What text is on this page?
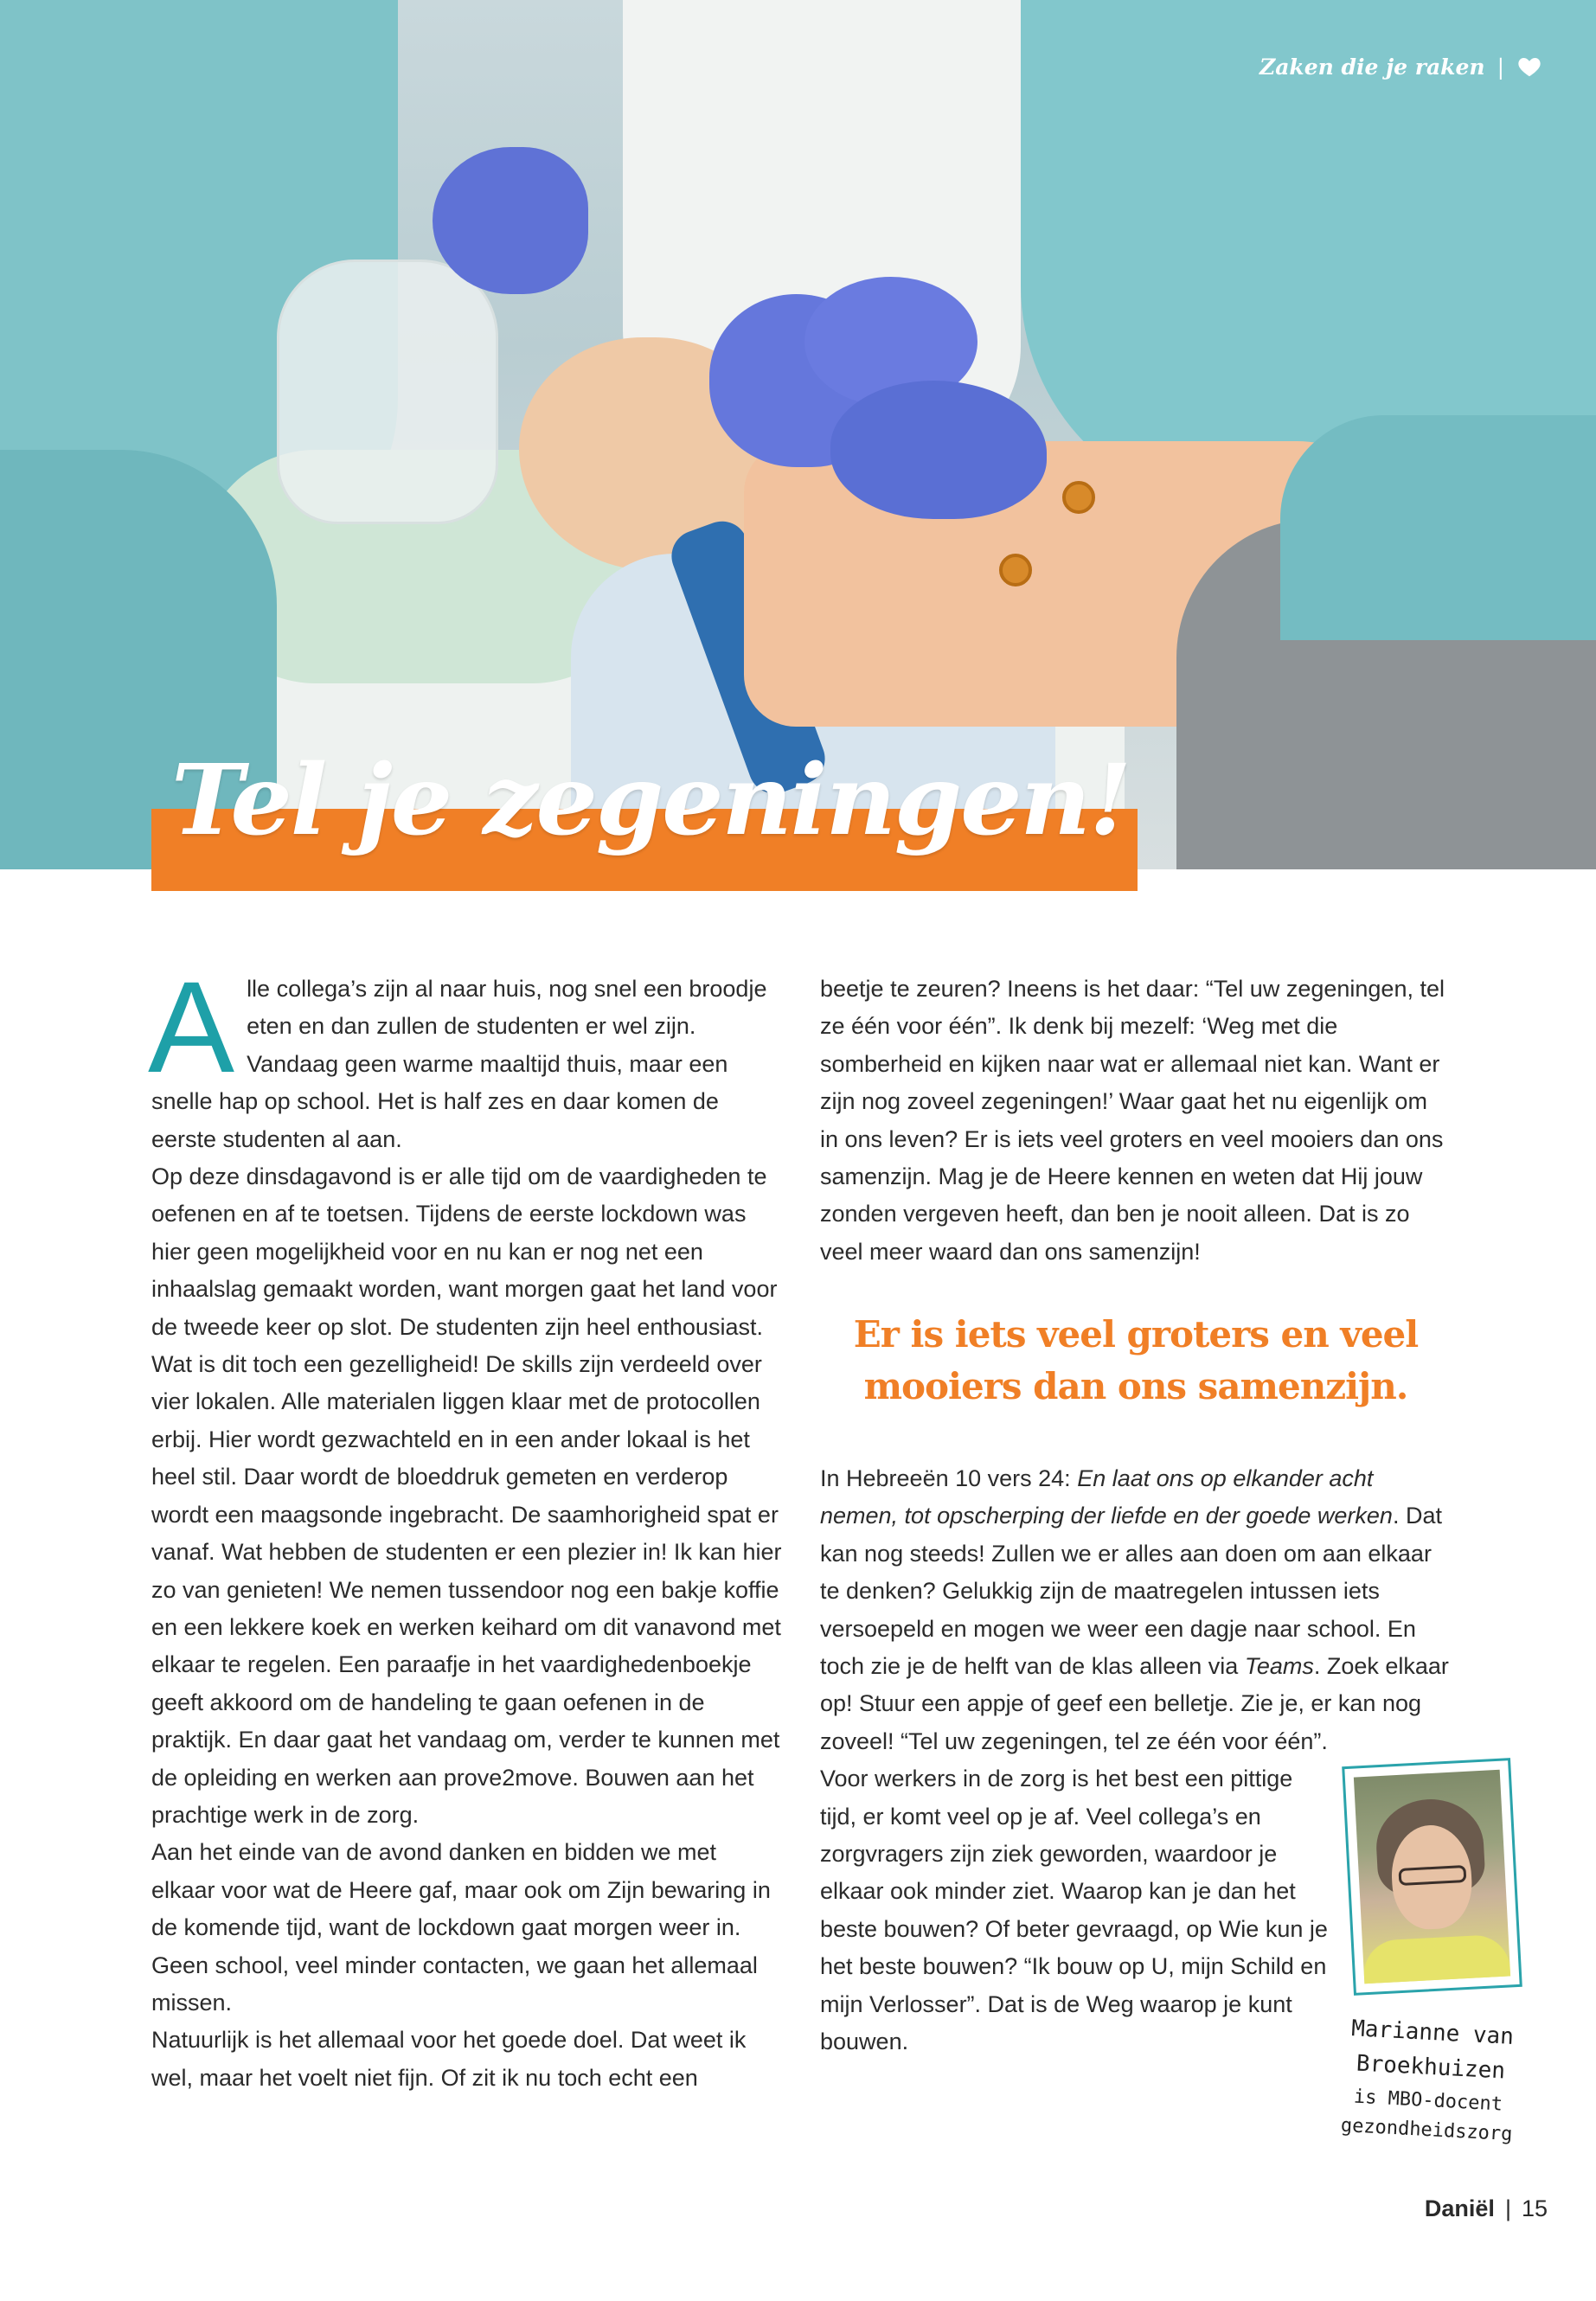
Zaken die je raken |
Tel je zegeningen!
A lle collega’s zijn al naar huis, nog snel een broodje eten en dan zullen de studenten er wel zijn. Vandaag geen warme maaltijd thuis, maar een snelle hap op school. Het is half zes en daar komen de eerste studenten al aan.

Op deze dinsdagavond is er alle tijd om de vaardigheden te oefenen en af te toetsen. Tijdens de eerste lockdown was hier geen mogelijkheid voor en nu kan er nog net een inhaalslag gemaakt worden, want morgen gaat het land voor de tweede keer op slot. De studenten zijn heel enthousiast. Wat is dit toch een gezelligheid! De skills zijn verdeeld over vier lokalen. Alle materialen liggen klaar met de protocollen erbij. Hier wordt gezwachteld en in een ander lokaal is het heel stil. Daar wordt de bloeddruk gemeten en verderop wordt een maagsonde ingebracht. De saamhorigheid spat er vanaf. Wat hebben de studenten er een plezier in! Ik kan hier zo van genieten! We nemen tussendoor nog een bakje koffie en een lekkere koek en werken keihard om dit vanavond met elkaar te regelen. Een paraafje in het vaardighedenboekje geeft akkoord om de handeling te gaan oefenen in de praktijk. En daar gaat het vandaag om, verder te kunnen met de opleiding en werken aan prove2move. Bouwen aan het prachtige werk in de zorg.

Aan het einde van de avond danken en bidden we met elkaar voor wat de Heere gaf, maar ook om Zijn bewaring in de komende tijd, want de lockdown gaat morgen weer in. Geen school, veel minder contacten, we gaan het allemaal missen.

Natuurlijk is het allemaal voor het goede doel. Dat weet ik wel, maar het voelt niet fijn. Of zit ik nu toch echt een

beetje te zeuren? Ineens is het daar: “Tel uw zegeningen, tel ze één voor één”. Ik denk bij mezelf: ‘Weg met die somberheid en kijken naar wat er allemaal niet kan. Want er zijn nog zoveel zegeningen!’ Waar gaat het nu eigenlijk om in ons leven? Er is iets veel groters en veel mooiers dan ons samenzijn. Mag je de Heere kennen en weten dat Hij jouw zonden vergeven heeft, dan ben je nooit alleen. Dat is zo veel meer waard dan ons samenzijn!

Er is iets veel groters en veel mooiers dan ons samenzijn.

In Hebreeën 10 vers 24: En laat ons op elkander acht nemen, tot opscherping der liefde en der goede werken. Dat kan nog steeds! Zullen we er alles aan doen om aan elkaar te denken? Gelukkig zijn de maatregelen intussen iets versoepeld en mogen we weer een dagje naar school. En toch zie je de helft van de klas alleen via Teams. Zoek elkaar op! Stuur een appje of geef een belletje. Zie je, er kan nog zoveel! “Tel uw zegeningen, tel ze één voor één”.

Voor werkers in de zorg is het best een pittige tijd, er komt veel op je af. Veel collega’s en zorgvragers zijn ziek geworden, waardoor je elkaar ook minder ziet. Waarop kan je dan het beste bouwen? Of beter gevraagd, op Wie kun je het beste bouwen? “Ik bouw op U, mijn Schild en mijn Verlosser”. Dat is de Weg waarop je kunt bouwen.	Marianne van Broekhuizen
is MBO-docent gezondheidszorg
Daniël | 15
